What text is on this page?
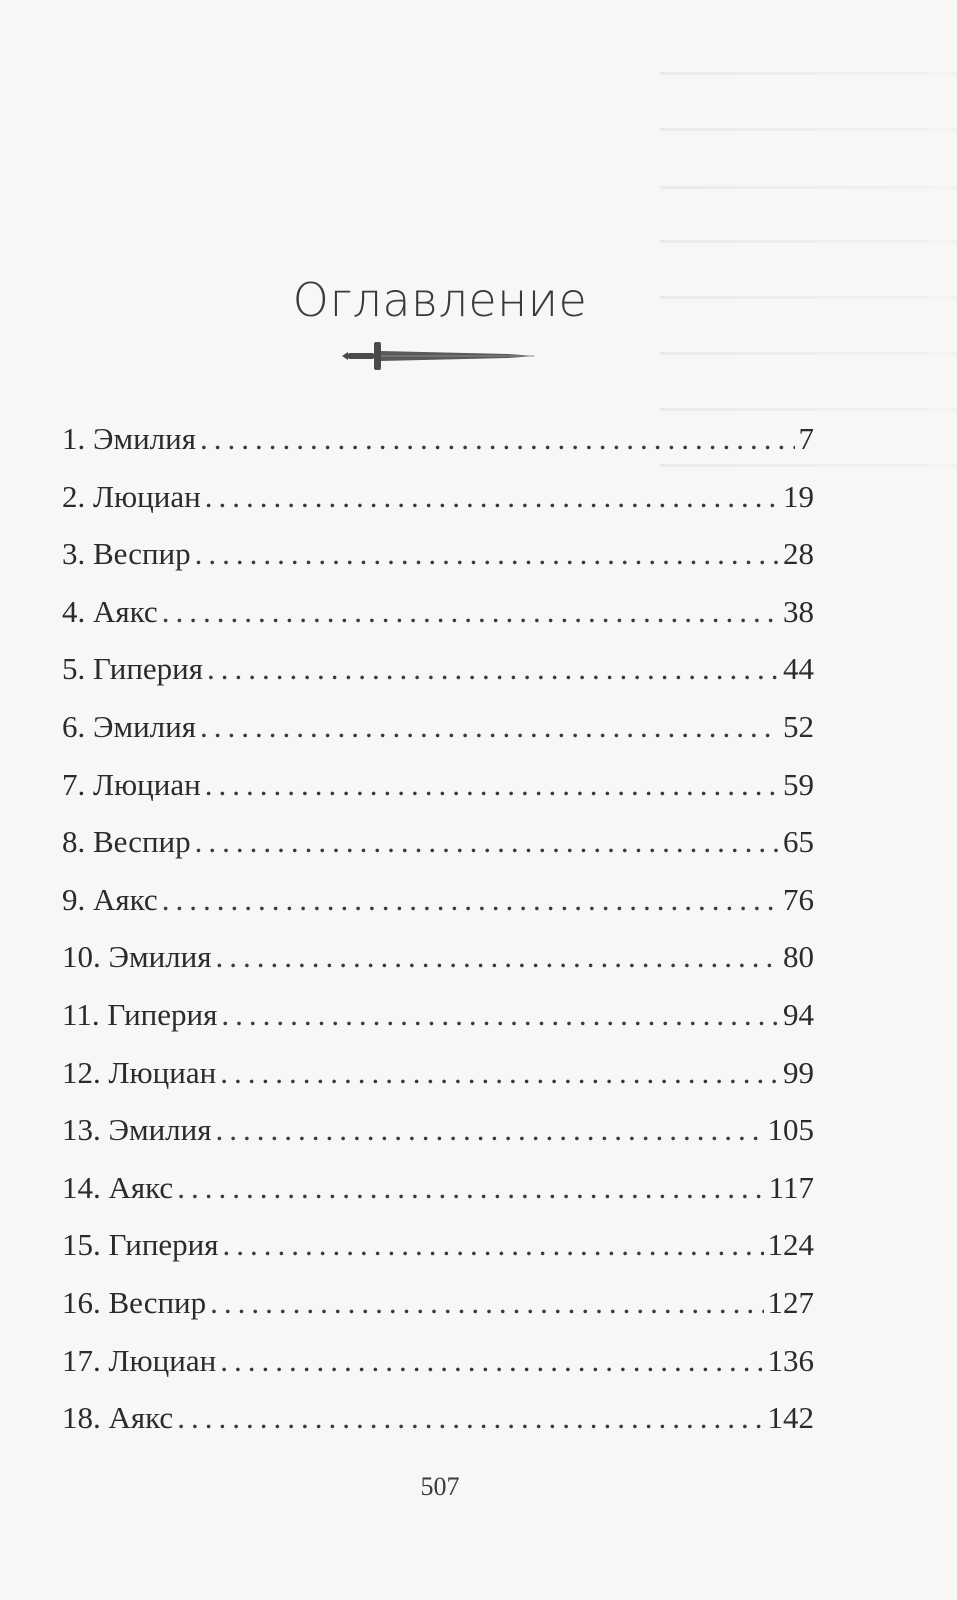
Оглавление
1. Эмилия .....	7
2. Люциан .....	19
3. Веспир .....	28
4. Аякс .....	38
5. Гиперия .....	44
6. Эмилия .....	52
7. Люциан .....	59
8. Веспир .....	65
9. Аякс .....	76
10. Эмилия .....	80
11. Гиперия .....	94
12. Люциан .....	99
13. Эмилия .....	105
14. Аякс .....	117
15. Гиперия .....	124
16. Веспир .....	127
17. Люциан .....	136
18. Аякс .....	142
507
